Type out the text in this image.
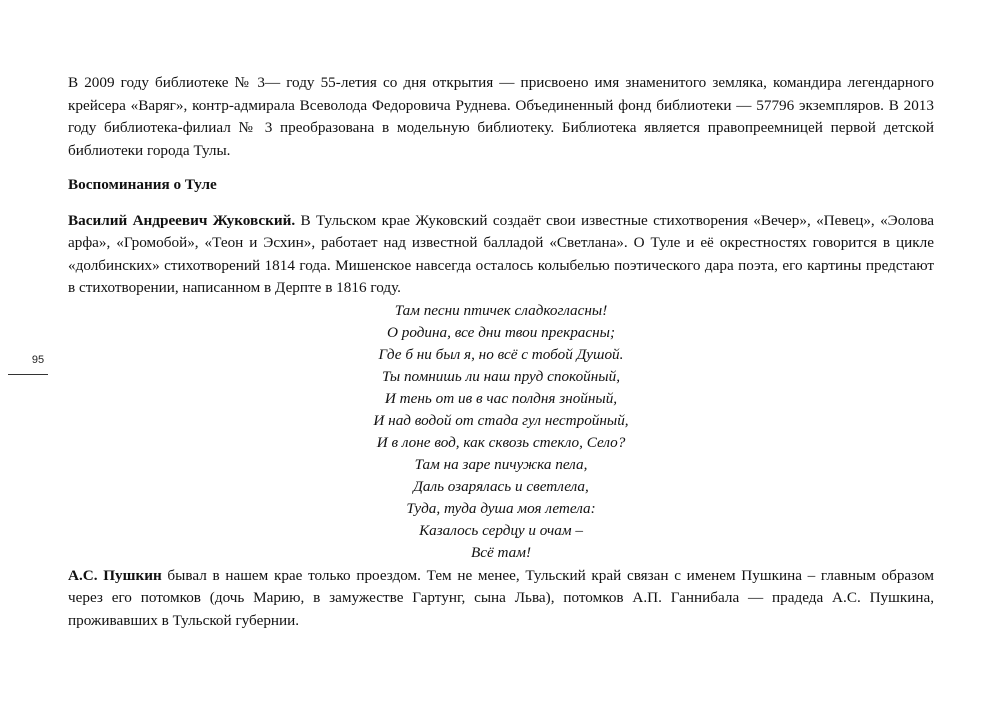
95

В 2009 году библиотеке № 3— году 55-летия со дня открытия — присвоено имя знаменитого земляка, командира легендарного крейсера «Варяг», контр-адмирала Всеволода Федоровича Руднева. Объединенный фонд библиотеки — 57796 экземпляров. В 2013 году библиотека-филиал № 3 преобразована в модельную библиотеку. Библиотека является правопреемницей первой детской библиотеки города Тулы.

Воспоминания о Туле

Василий Андреевич Жуковский. В Тульском крае Жуковский создаёт свои известные стихотворения «Вечер», «Певец», «Эолова арфа», «Громобой», «Теон и Эсхин», работает над известной балладой «Светлана». О Туле и её окрестностях говорится в цикле «долбинских» стихотворений 1814 года. Мишенское навсегда осталось колыбелью поэтического дара поэта, его картины предстают в стихотворении, написанном в Дерпте в 1816 году.

Там песни птичек сладкогласны!
О родина, все дни твои прекрасны;
Где б ни был я, но всё с тобой Душой.
Ты помнишь ли наш пруд спокойный,
И тень от ив в час полдня знойный,
И над водой от стада гул нестройный,
И в лоне вод, как сквозь стекло, Село?
Там на заре пичужка пела,
Даль озарялась и светлела,
Туда, туда душа моя летела:
Казалось сердцу и очам –
Всё там!

А.С. Пушкин бывал в нашем крае только проездом. Тем не менее, Тульский край связан с именем Пушкина – главным образом через его потомков (дочь Марию, в замужестве Гартунг, сына Льва), потомков А.П. Ганнибала — прадеда А.С. Пушкина, проживавших в Тульской губернии.
